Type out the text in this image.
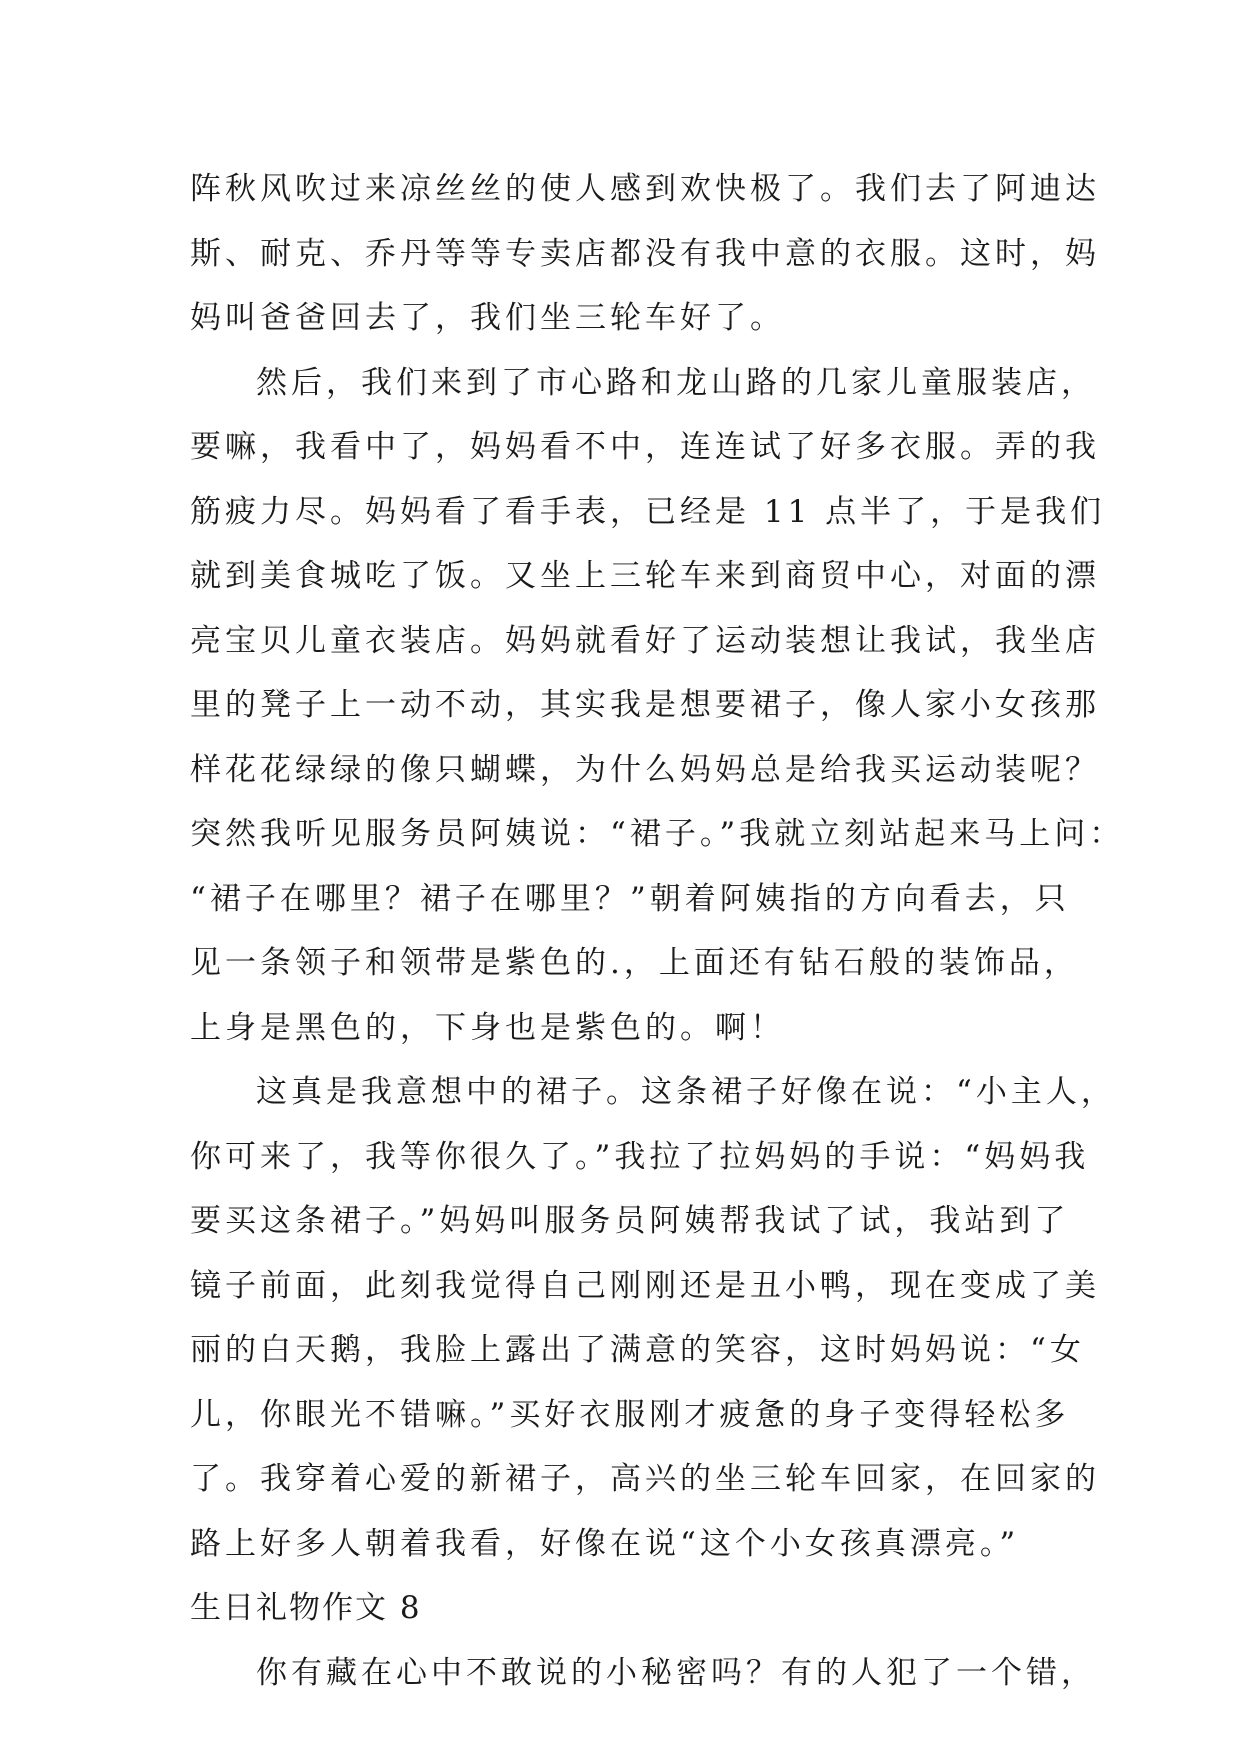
阵秋风吹过来凉丝丝的使人感到欢快极了。我们去了阿迪达
斯、耐克、乔丹等等专卖店都没有我中意的衣服。这时，妈
妈叫爸爸回去了，我们坐三轮车好了。
然后，我们来到了市心路和龙山路的几家儿童服装店，
要嘛，我看中了，妈妈看不中，连连试了好多衣服。弄的我
筋疲力尽。妈妈看了看手表，已经是 11 点半了，于是我们
就到美食城吃了饭。又坐上三轮车来到商贸中心，对面的漂
亮宝贝儿童衣装店。妈妈就看好了运动装想让我试，我坐店
里的凳子上一动不动，其实我是想要裙子，像人家小女孩那
样花花绿绿的像只蝴蝶，为什么妈妈总是给我买运动装呢？
突然我听见服务员阿姨说：“裙子。”我就立刻站起来马上问：
“裙子在哪里？裙子在哪里？”朝着阿姨指的方向看去，只
见一条领子和领带是紫色的.，上面还有钻石般的装饰品，
上身是黑色的，下身也是紫色的。啊！
这真是我意想中的裙子。这条裙子好像在说：“小主人，
你可来了，我等你很久了。”我拉了拉妈妈的手说：“妈妈我
要买这条裙子。”妈妈叫服务员阿姨帮我试了试，我站到了
镜子前面，此刻我觉得自己刚刚还是丑小鸭，现在变成了美
丽的白天鹅，我脸上露出了满意的笑容，这时妈妈说：“女
儿，你眼光不错嘛。”买好衣服刚才疲惫的身子变得轻松多
了。我穿着心爱的新裙子，高兴的坐三轮车回家，在回家的
路上好多人朝着我看，好像在说“这个小女孩真漂亮。”
生日礼物作文 8
你有藏在心中不敢说的小秘密吗？有的人犯了一个错，
